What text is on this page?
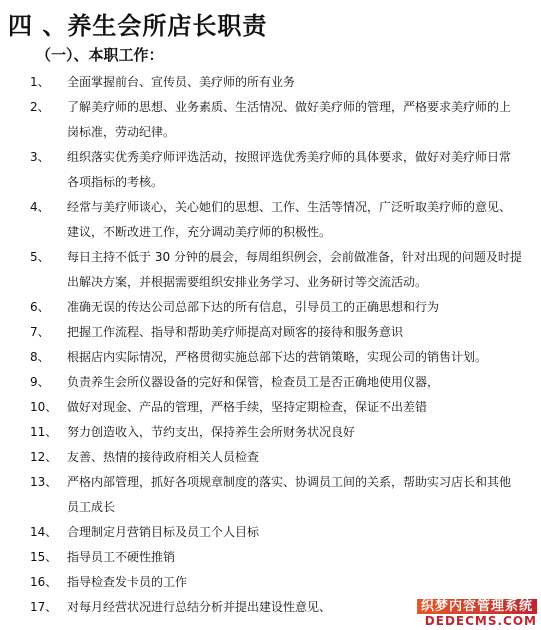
四 、养生会所店长职责
（一）、本职工作：
1、	全面掌握前台、宣传员、美疗师的所有业务
2、	了解美疗师的思想、业务素质、生活情况、做好美疗师的管理，严格要求美疗师的上岗标准，劳动纪律。
3、	组织落实优秀美疗师评选活动，按照评选优秀美疗师的具体要求，做好对美疗师日常各项指标的考核。
4、	经常与美疗师谈心，关心她们的思想、工作、生活等情况，广泛听取美疗师的意见、建议，不断改进工作，充分调动美疗师的积极性。
5、	每日主持不低于 30 分钟的晨会，每周组织例会，会前做准备，针对出现的问题及时提出解决方案，并根据需要组织安排业务学习、业务研讨等交流活动。
6、	准确无误的传达公司总部下达的所有信息，引导员工的正确思想和行为
7、	把握工作流程、指导和帮助美疗师提高对顾客的接待和服务意识
8、	根据店内实际情况，严格贯彻实施总部下达的营销策略，实现公司的销售计划。
9、	负责养生会所仪器设备的完好和保管，检查员工是否正确地使用仪器，
10、 做好对现金、产品的管理，严格手续，坚持定期检查，保证不出差错
11、 努力创造收入，节约支出，保持养生会所财务状况良好
12、 友善、热情的接待政府相关人员检查
13、 严格内部管理，抓好各项规章制度的落实、协调员工间的关系，帮助实习店长和其他员工成长
14、 合理制定月营销目标及员工个人目标
15、 指导员工不硬性推销
16、 指导检查发卡员的工作
17、 对每月经营状况进行总结分析并提出建设性意见、	织梦内容管理系统
DEDECMS.COM
